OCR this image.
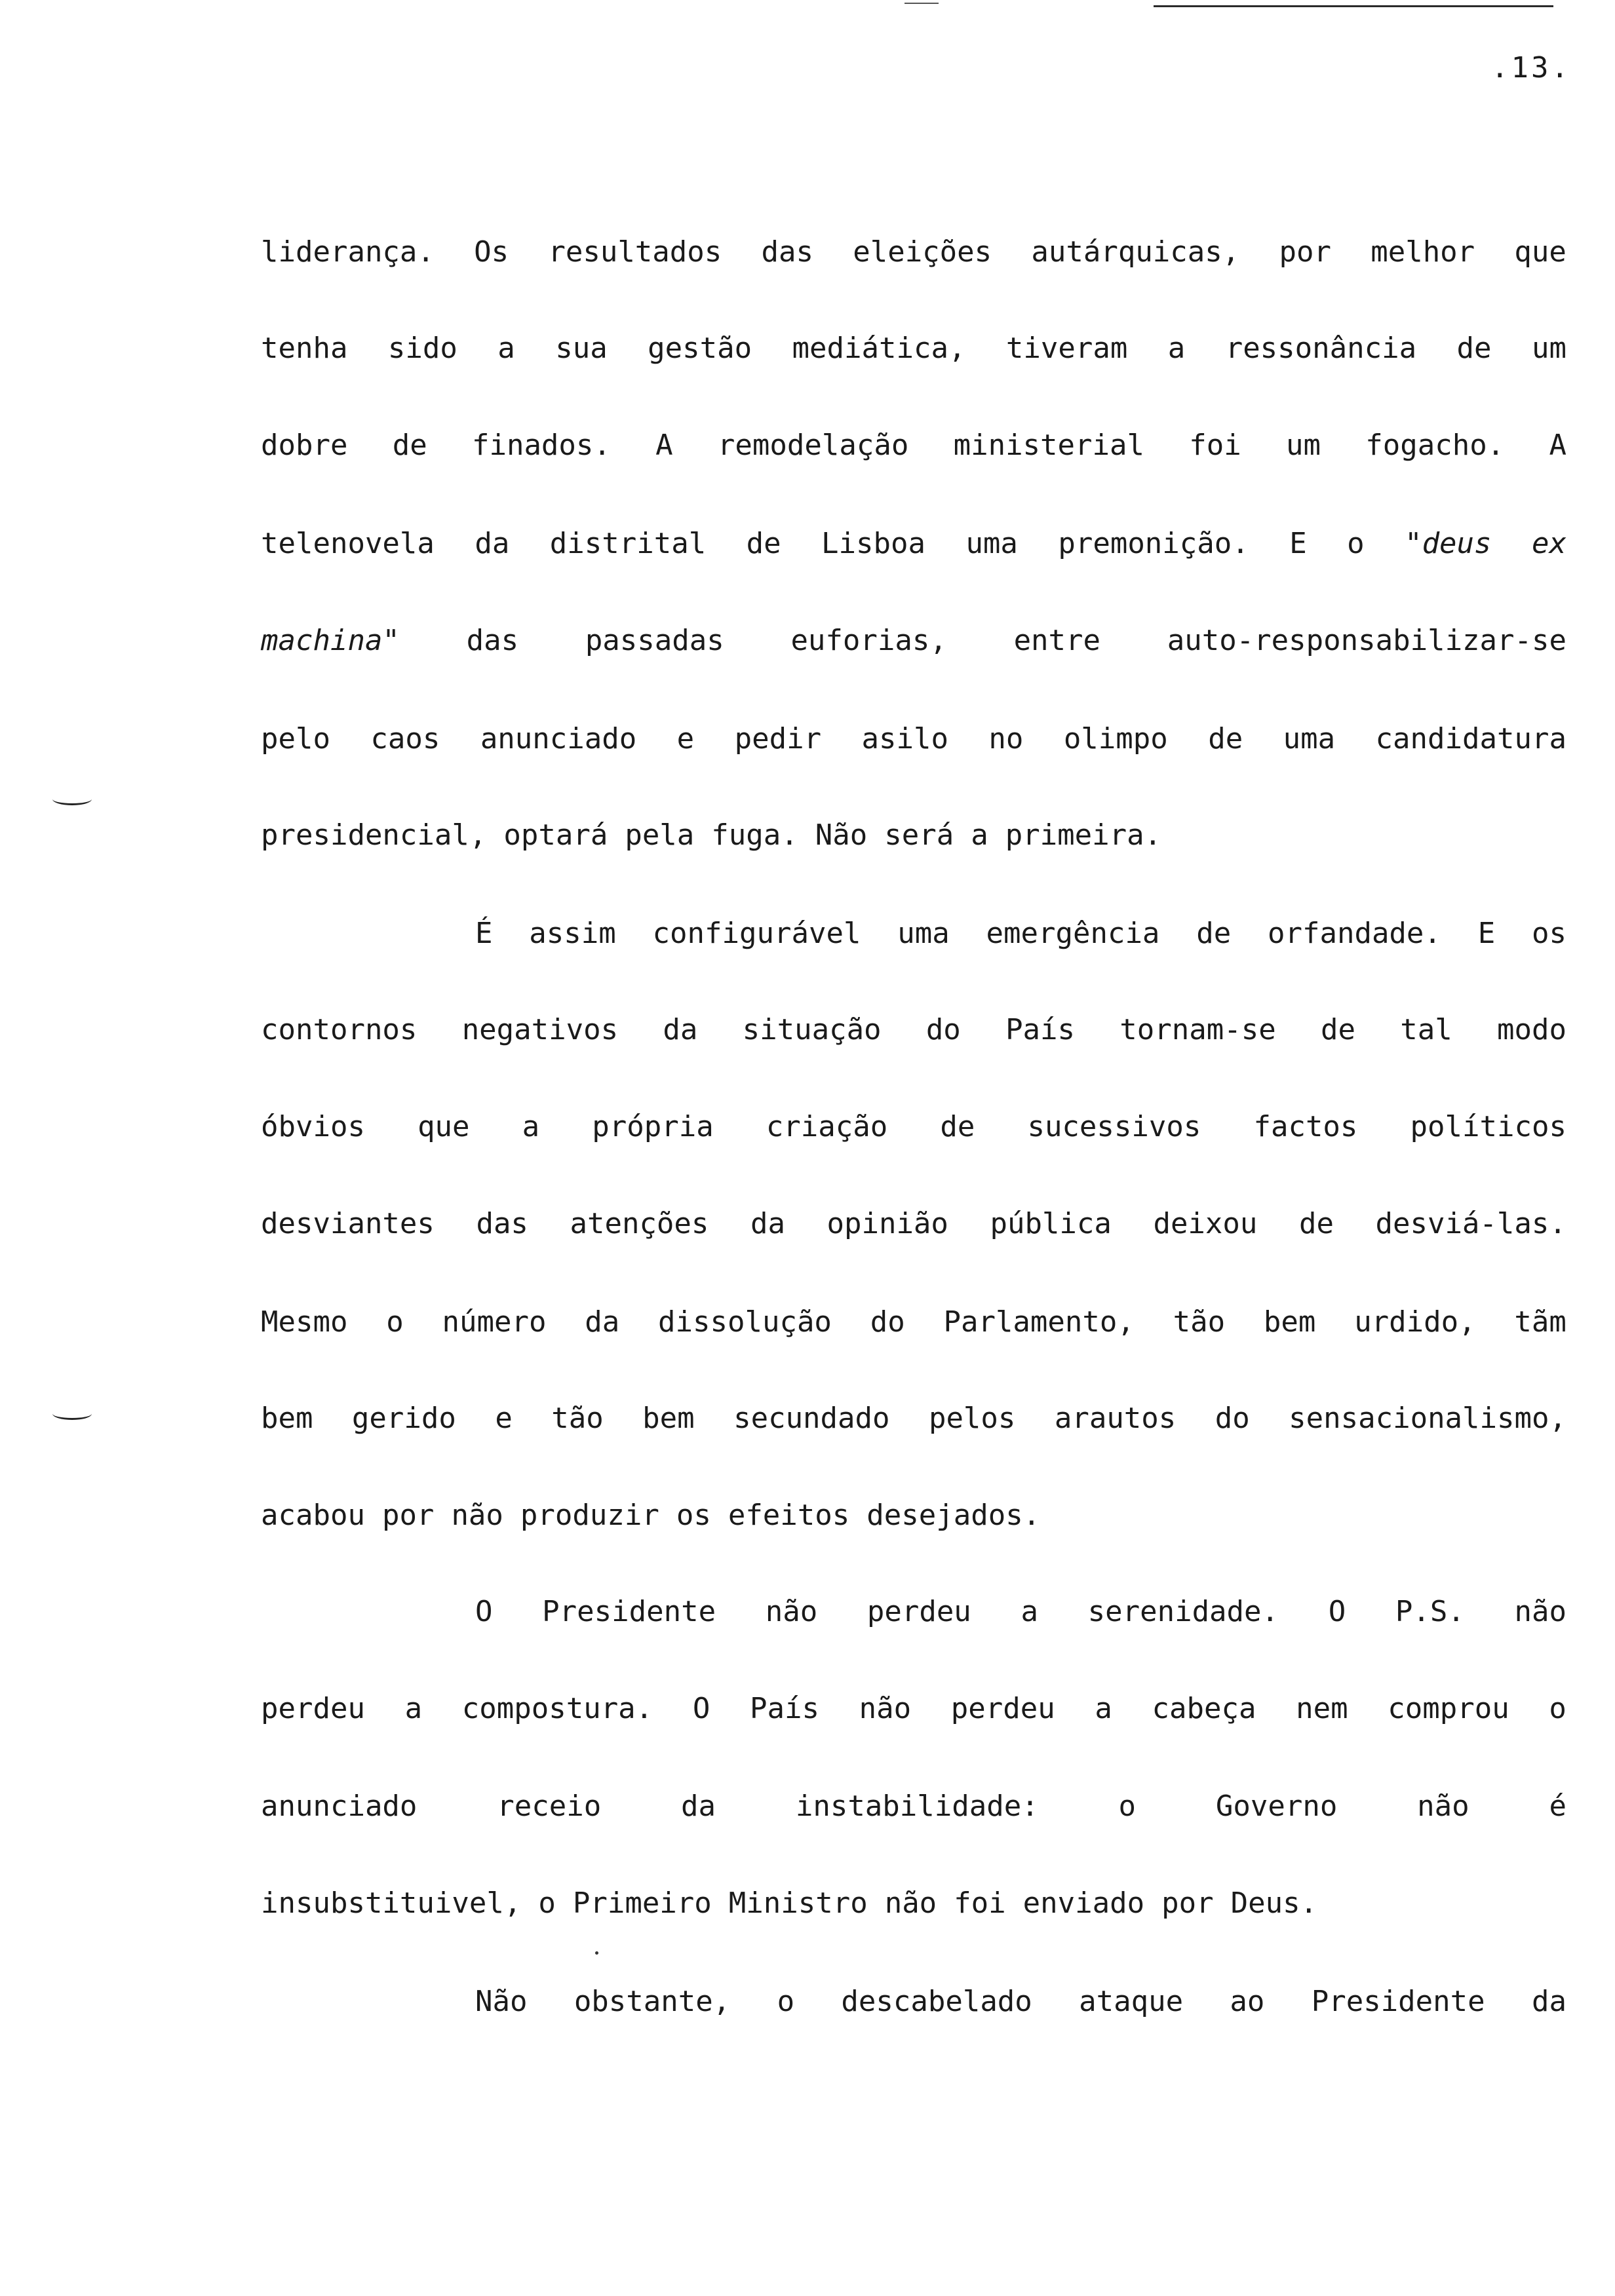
.13.
liderança. Os resultados das eleições autárquicas, por melhor que
tenha sido a sua gestão mediática, tiveram a ressonância de um
dobre de finados. A remodelação ministerial foi um fogacho. A
telenovela da distrital de Lisboa uma premonição. E o "deus ex
machina" das passadas euforias, entre auto-responsabilizar-se
pelo caos anunciado e pedir asilo no olimpo de uma candidatura
presidencial, optará pela fuga. Não será a primeira.
É assim configurável uma emergência de orfandade. E os
contornos negativos da situação do País tornam-se de tal modo
óbvios que a própria criação de sucessivos factos políticos
desviantes das atenções da opinião pública deixou de desviá-las.
Mesmo o número da dissolução do Parlamento, tão bem urdido, tãm
bem gerido e tão bem secundado pelos arautos do sensacionalismo,
acabou por não produzir os efeitos desejados.
O Presidente não perdeu a serenidade. O P.S. não
perdeu a compostura. O País não perdeu a cabeça nem comprou o
anunciado	receio	da	instabilidade:	o	Governo	não	é
insubstituivel, o Primeiro Ministro não foi enviado por Deus.
Não obstante, o descabelado ataque ao Presidente da
